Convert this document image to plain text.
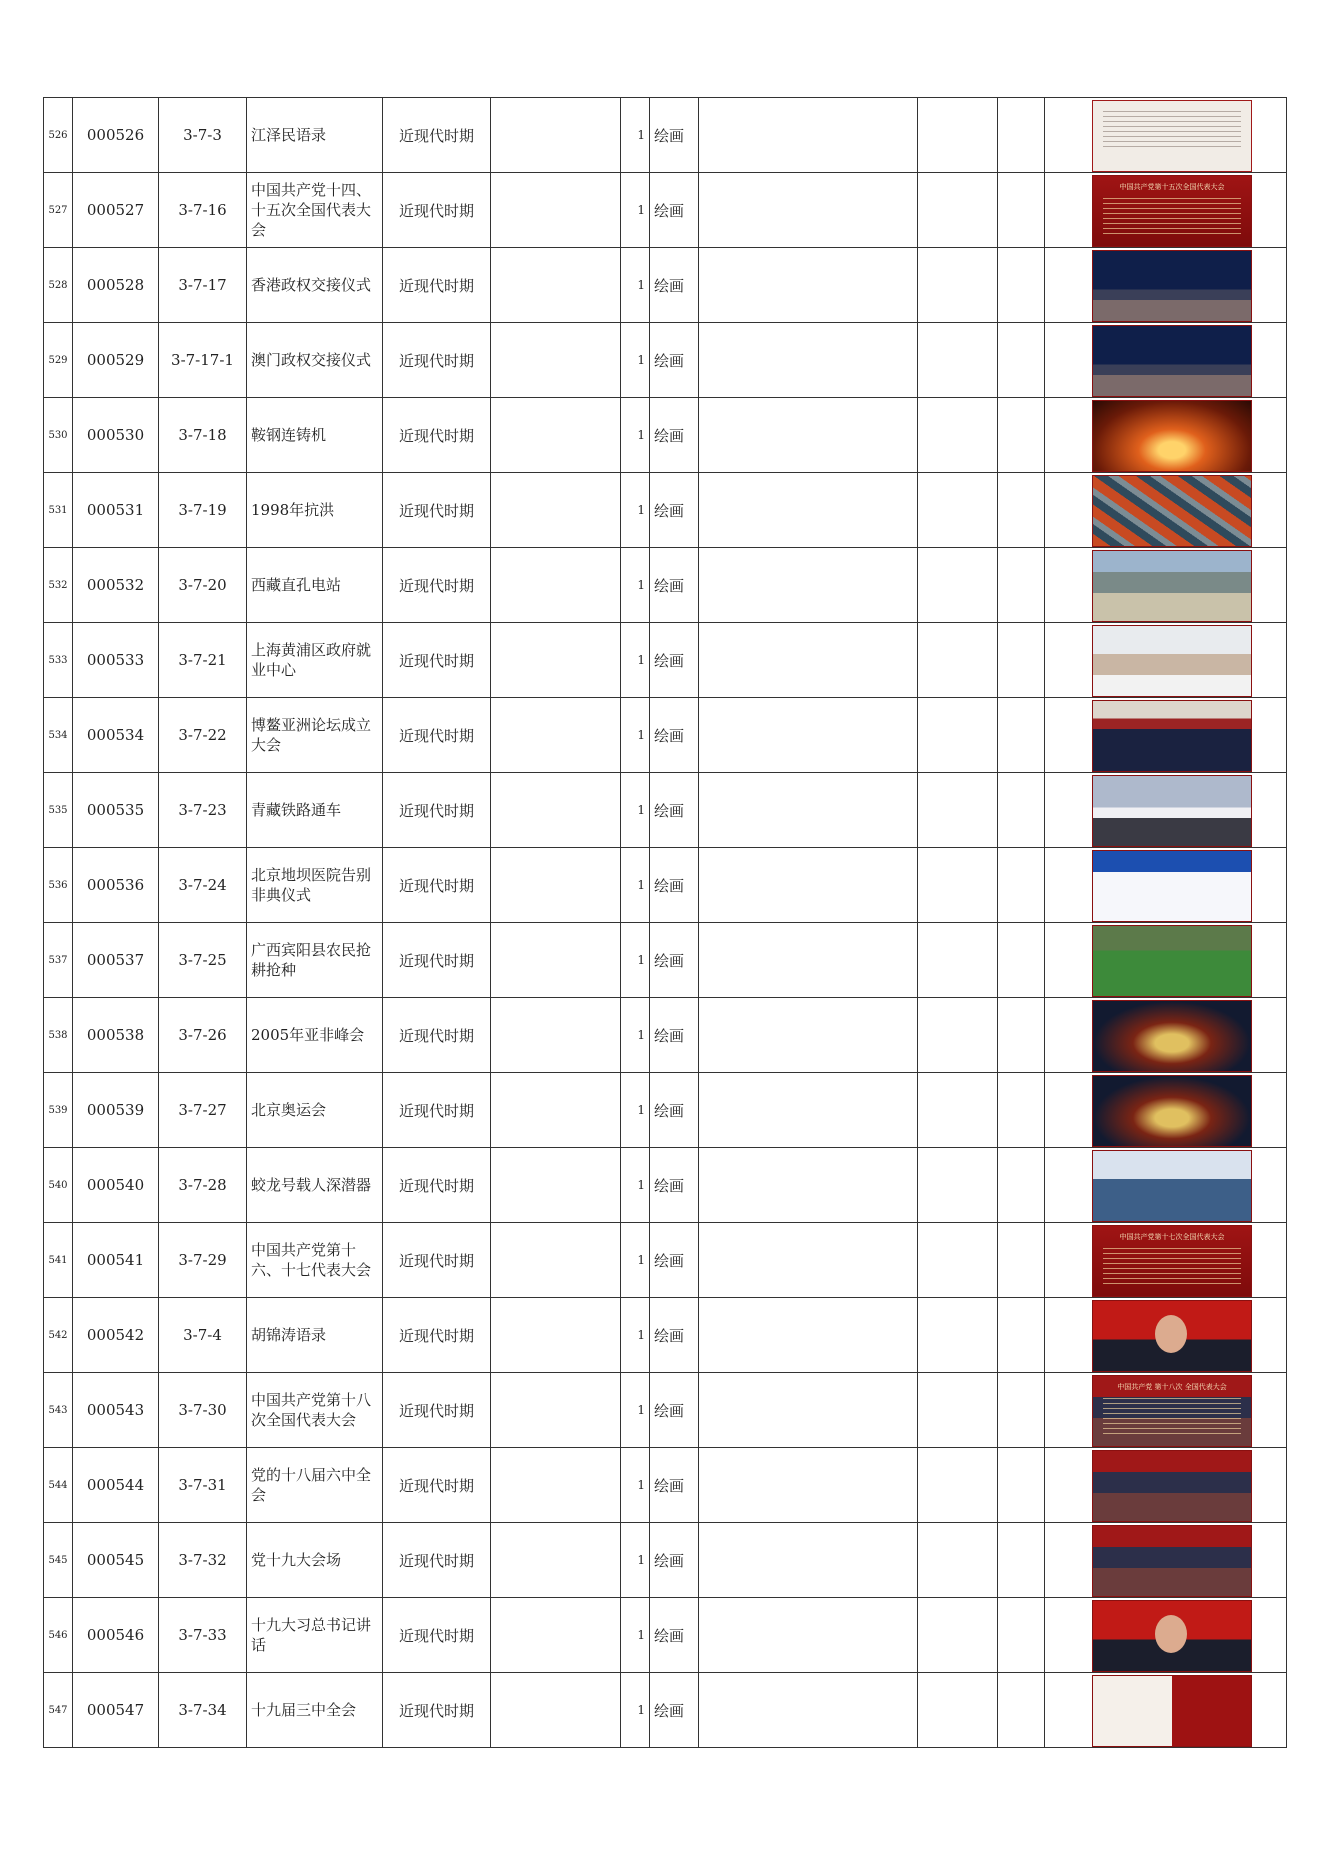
526	000526	3-7-3	江泽民语录	近现代时期		1	绘画				

527	000527	3-7-16	中国共产党十四、十五次全国代表大会	近现代时期		1	绘画				中国共产党第十五次全国代表大会

528	000528	3-7-17	香港政权交接仪式	近现代时期		1	绘画				

529	000529	3-7-17-1	澳门政权交接仪式	近现代时期		1	绘画				

530	000530	3-7-18	鞍钢连铸机	近现代时期		1	绘画				

531	000531	3-7-19	1998年抗洪	近现代时期		1	绘画				

532	000532	3-7-20	西藏直孔电站	近现代时期		1	绘画				

533	000533	3-7-21	上海黄浦区政府就业中心	近现代时期		1	绘画				

534	000534	3-7-22	博鳌亚洲论坛成立大会	近现代时期		1	绘画				

535	000535	3-7-23	青藏铁路通车	近现代时期		1	绘画				

536	000536	3-7-24	北京地坝医院告别非典仪式	近现代时期		1	绘画				

537	000537	3-7-25	广西宾阳县农民抢耕抢种	近现代时期		1	绘画				

538	000538	3-7-26	2005年亚非峰会	近现代时期		1	绘画				

539	000539	3-7-27	北京奥运会	近现代时期		1	绘画				

540	000540	3-7-28	蛟龙号载人深潜器	近现代时期		1	绘画				

541	000541	3-7-29	中国共产党第十六、十七代表大会	近现代时期		1	绘画				中国共产党第十七次全国代表大会

542	000542	3-7-4	胡锦涛语录	近现代时期		1	绘画				

543	000543	3-7-30	中国共产党第十八次全国代表大会	近现代时期		1	绘画				中国共产党 第十八次 全国代表大会

544	000544	3-7-31	党的十八届六中全会	近现代时期		1	绘画				

545	000545	3-7-32	党十九大会场	近现代时期		1	绘画				

546	000546	3-7-33	十九大习总书记讲话	近现代时期		1	绘画				

547	000547	3-7-34	十九届三中全会	近现代时期		1	绘画				
